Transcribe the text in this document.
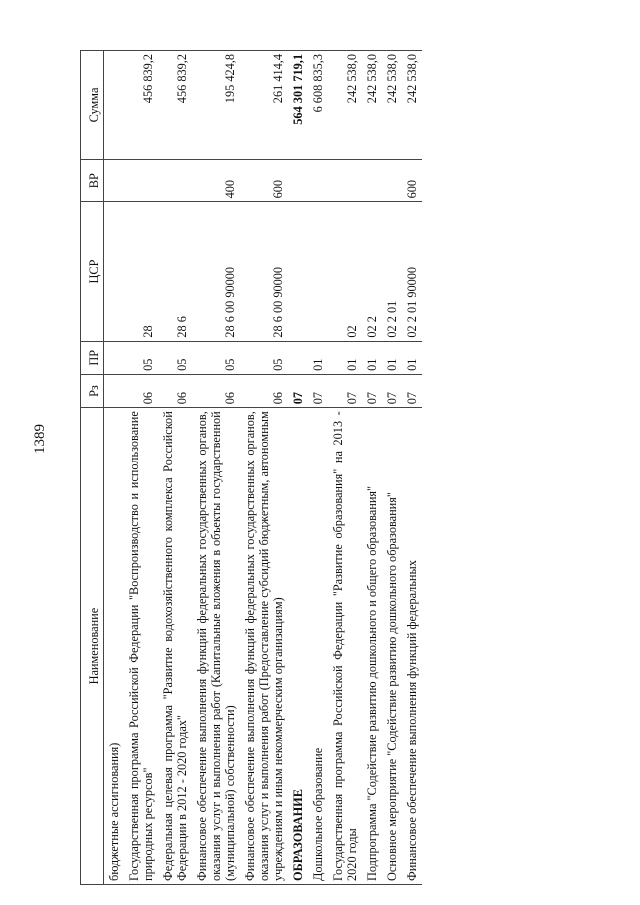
1389
Наименование	Рз	ПР	ЦСР	ВР	Сумма
бюджетные ассигнования)					
Государственная программа Российской Федерации "Воспроизводство и использование природных ресурсов"	06	05	28		456 839,2
Федеральная целевая программа "Развитие водохозяйственного комплекса Российской Федерации в 2012 - 2020 годах"	06	05	28 6		456 839,2
Финансовое обеспечение выполнения функций федеральных государственных органов, оказания услуг и выполнения работ (Капитальные вложения в объекты государственной (муниципальной) собственности)	06	05	28 6 00 90000	400	195 424,8
Финансовое обеспечение выполнения функций федеральных государственных органов, оказания услуг и выполнения работ (Предоставление субсидий бюджетным, автономным учреждениям и иным некоммерческим организациям)	06	05	28 6 00 90000	600	261 414,4
ОБРАЗОВАНИЕ	07				564 301 719,1
Дошкольное образование	07	01			6 608 835,3
Государственная программа Российской Федерации "Развитие образования" на 2013 - 2020 годы	07	01	02		242 538,0
Подпрограмма "Содействие развитию дошкольного и общего образования"	07	01	02 2		242 538,0
Основное мероприятие "Содействие развитию дошкольного образования"	07	01	02 2 01		242 538,0
Финансовое обеспечение выполнения функций федеральных	07	01	02 2 01 90000	600	242 538,0
